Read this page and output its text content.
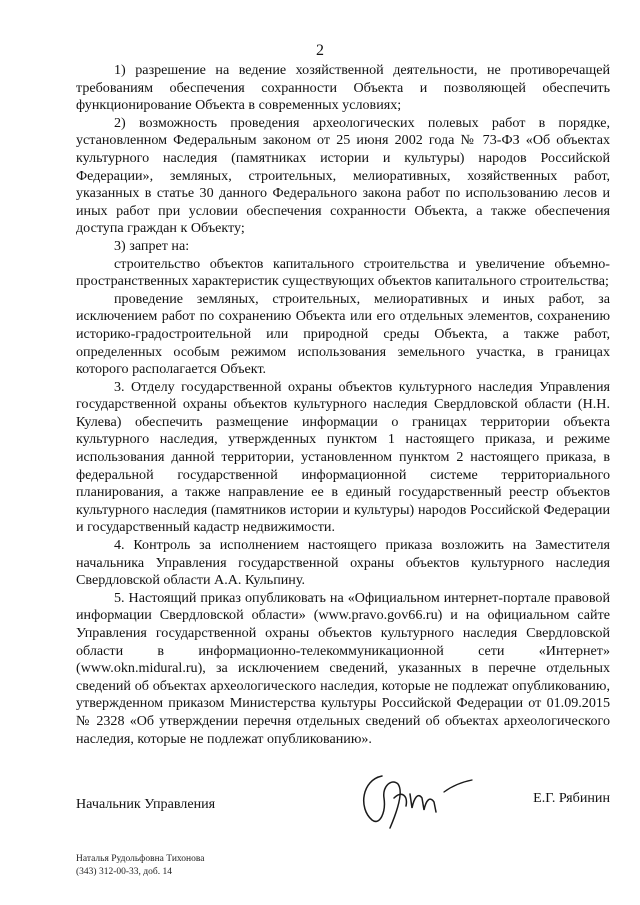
2

1) разрешение на ведение хозяйственной деятельности, не противоречащей требованиям обеспечения сохранности Объекта и позволяющей обеспечить функционирование Объекта в современных условиях;

2) возможность проведения археологических полевых работ в порядке, установленном Федеральным законом от 25 июня 2002 года № 73-ФЗ «Об объектах культурного наследия (памятниках истории и культуры) народов Российской Федерации», земляных, строительных, мелиоративных, хозяйственных работ, указанных в статье 30 данного Федерального закона работ по использованию лесов и иных работ при условии обеспечения сохранности Объекта, а также обеспечения доступа граждан к Объекту;

3) запрет на:

строительство объектов капитального строительства и увеличение объемно-пространственных характеристик существующих объектов капитального строительства;

проведение земляных, строительных, мелиоративных и иных работ, за исключением работ по сохранению Объекта или его отдельных элементов, сохранению историко-градостроительной или природной среды Объекта, а также работ, определенных особым режимом использования земельного участка, в границах которого располагается Объект.

3. Отделу государственной охраны объектов культурного наследия Управления государственной охраны объектов культурного наследия Свердловской области (Н.Н. Кулева) обеспечить размещение информации о границах территории объекта культурного наследия, утвержденных пунктом 1 настоящего приказа, и режиме использования данной территории, установленном пунктом 2 настоящего приказа, в федеральной государственной информационной системе территориального планирования, а также направление ее в единый государственный реестр объектов культурного наследия (памятников истории и культуры) народов Российской Федерации и государственный кадастр недвижимости.

4. Контроль за исполнением настоящего приказа возложить на Заместителя начальника Управления государственной охраны объектов культурного наследия Свердловской области А.А. Кульпину.

5. Настоящий приказ опубликовать на «Официальном интернет-портале правовой информации Свердловской области» (www.pravo.gov66.ru) и на официальном сайте Управления государственной охраны объектов культурного наследия Свердловской области в информационно-телекоммуникационной сети «Интернет» (www.okn.midural.ru), за исключением сведений, указанных в перечне отдельных сведений об объектах археологического наследия, которые не подлежат опубликованию, утвержденном приказом Министерства культуры Российской Федерации от 01.09.2015 № 2328 «Об утверждении перечня отдельных сведений об объектах археологического наследия, которые не подлежат опубликованию».

Начальник Управления	Е.Г. Рябинин
Наталья Рудольфовна Тихонова
(343) 312-00-33, доб. 14
